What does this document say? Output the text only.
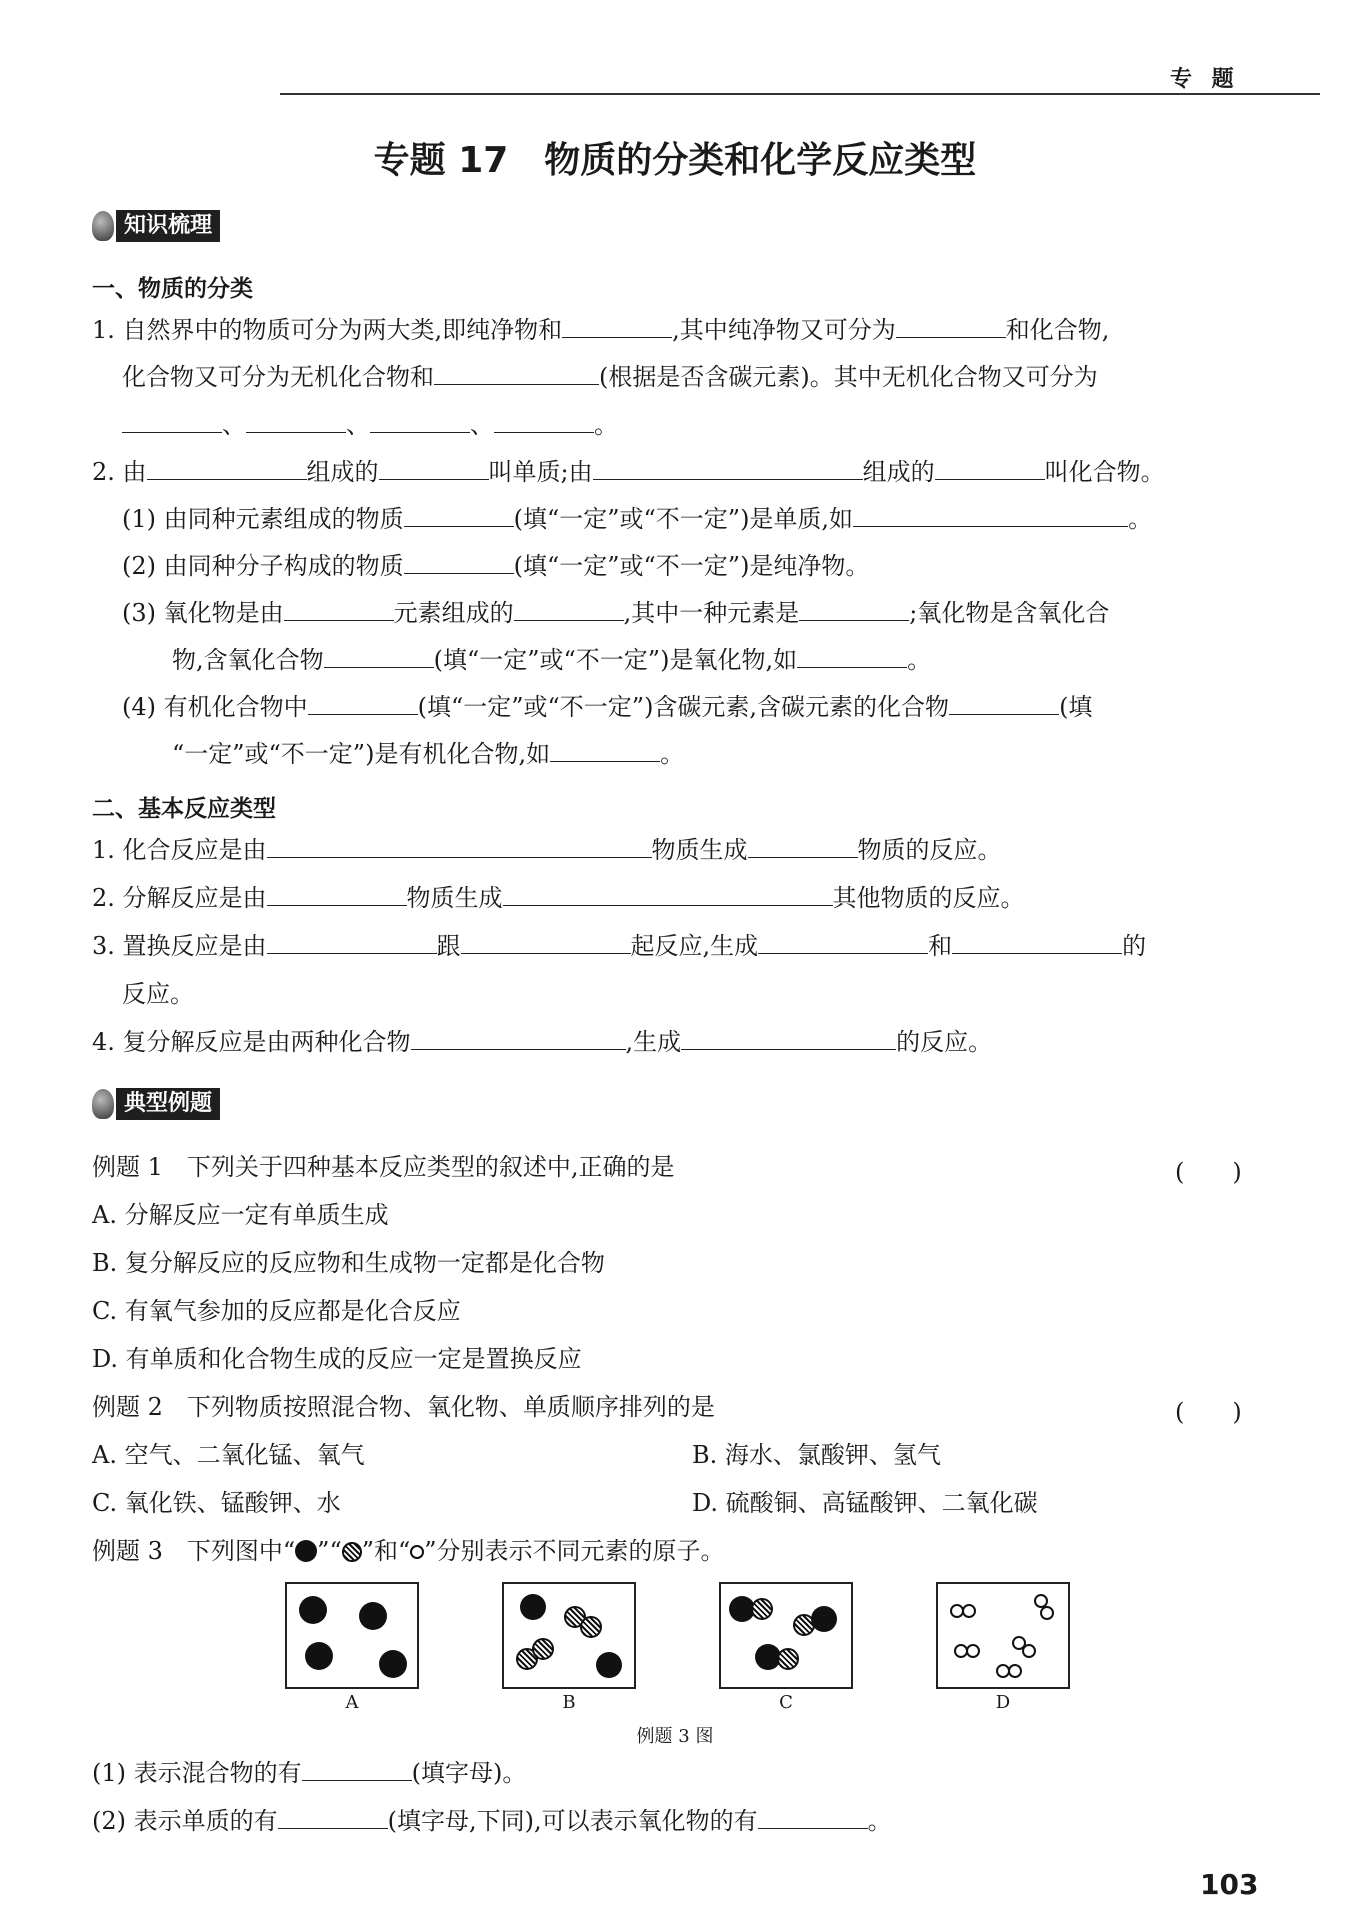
专 题
专题 17　物质的分类和化学反应类型
知识梳理
一、物质的分类
1. 自然界中的物质可分为两大类,即纯净物和	,其中纯净物又可分为	和化合物,
化合物又可分为无机化合物和	(根据是否含碳元素)。其中无机化合物又可分为
、	、	、	。
2. 由	组成的	叫单质;由	组成的	叫化合物。
(1) 由同种元素组成的物质	(填“一定”或“不一定”)是单质,如	。
(2) 由同种分子构成的物质	(填“一定”或“不一定”)是纯净物。
(3) 氧化物是由	元素组成的	,其中一种元素是	;氧化物是含氧化合
物,含氧化合物	(填“一定”或“不一定”)是氧化物,如	。
(4) 有机化合物中	(填“一定”或“不一定”)含碳元素,含碳元素的化合物	(填
“一定”或“不一定”)是有机化合物,如	。
二、基本反应类型
1. 化合反应是由	物质生成	物质的反应。
2. 分解反应是由	物质生成	其他物质的反应。
3. 置换反应是由	跟	起反应,生成	和	的
反应。
4. 复分解反应是由两种化合物	,生成	的反应。
典型例题
例题 1　下列关于四种基本反应类型的叙述中,正确的是	(　　)
A. 分解反应一定有单质生成
B. 复分解反应的反应物和生成物一定都是化合物
C. 有氧气参加的反应都是化合反应
D. 有单质和化合物生成的反应一定是置换反应
例题 2　下列物质按照混合物、氧化物、单质顺序排列的是	(　　)
A. 空气、二氧化锰、氧气	B. 海水、氯酸钾、氢气
C. 氧化铁、锰酸钾、水	D. 硫酸铜、高锰酸钾、二氧化碳
例题 3　下列图中“ ”“ ”和“ ”分别表示不同元素的原子。
A	B	C	D
例题 3 图
(1) 表示混合物的有	(填字母)。
(2) 表示单质的有	(填字母,下同),可以表示氧化物的有	。
103
